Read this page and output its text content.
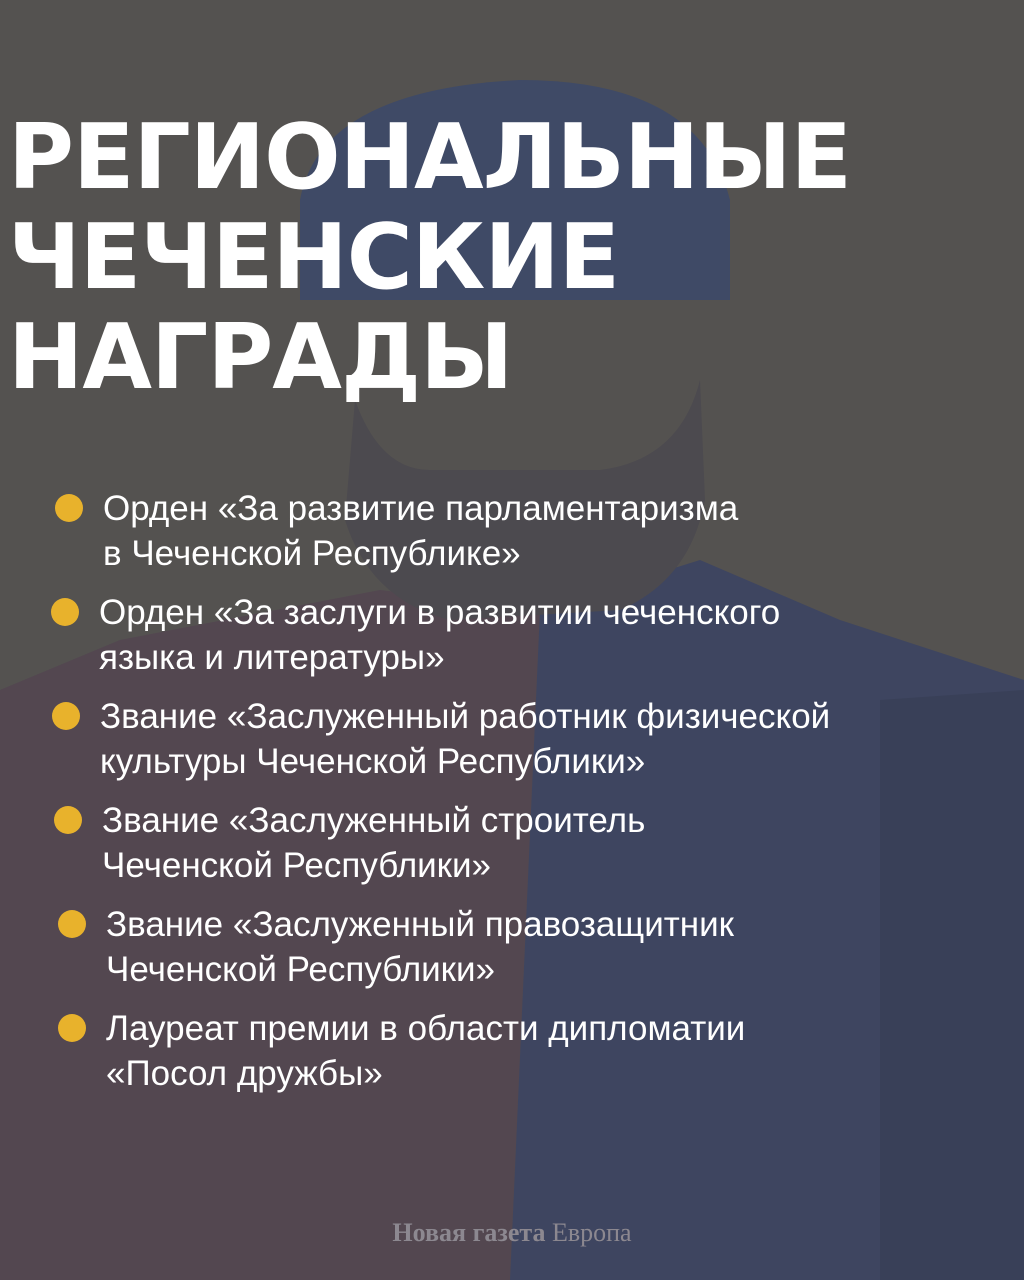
РЕГИОНАЛЬНЫЕ
ЧЕЧЕНСКИЕ
НАГРАДЫ
Орден «За развитие парламентаризма
в Чеченской Республике»
Орден «За заслуги в развитии чеченского
языка и литературы»
Звание «Заслуженный работник физической
культуры Чеченской Республики»
Звание «Заслуженный строитель
Чеченской Республики»
Звание «Заслуженный правозащитник
Чеченской Республики»
Лауреат премии в области дипломатии
«Посол дружбы»
Новая газета Европа
